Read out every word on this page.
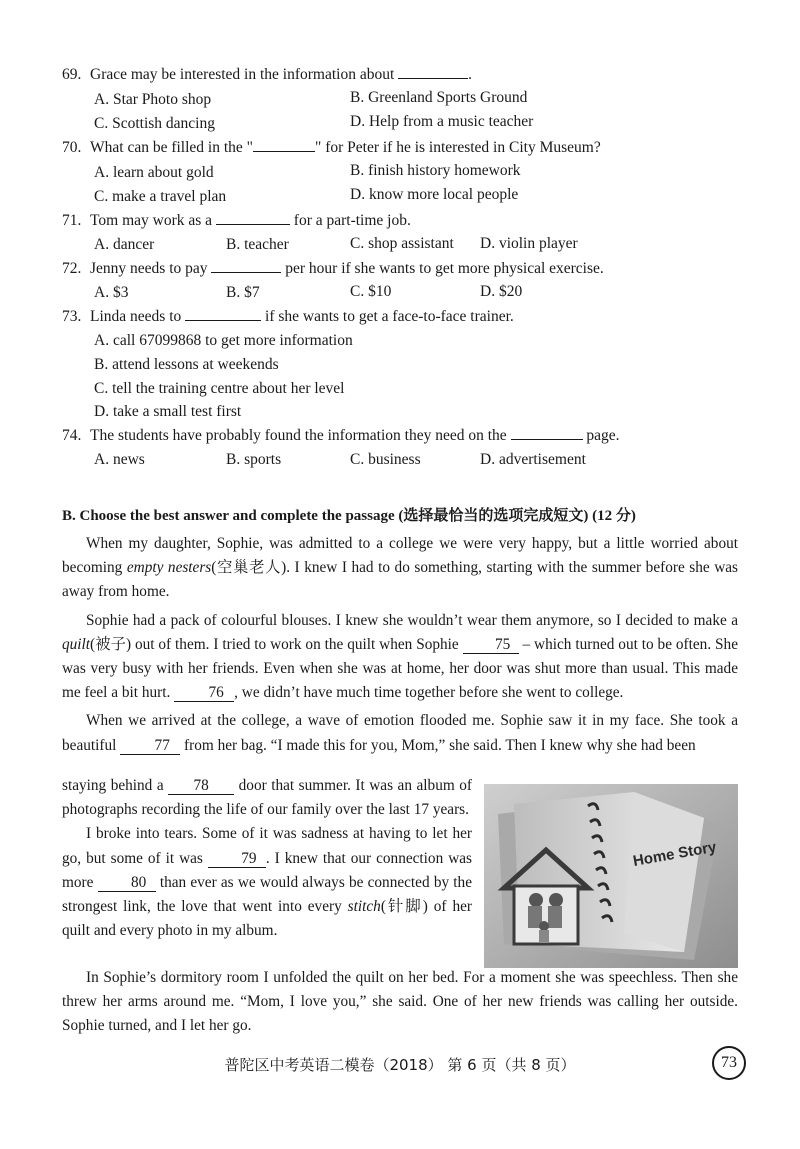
69. Grace may be interested in the information about	.
A. Star Photo shop	B. Greenland Sports Ground
C. Scottish dancing	D. Help from a music teacher
70. What can be filled in the "	" for Peter if he is interested in City Museum?
A. learn about gold	B. finish history homework
C. make a travel plan	D. know more local people
71. Tom may work as a	for a part-time job.
A. dancer	B. teacher	C. shop assistant D. violin player
72. Jenny needs to pay	per hour if she wants to get more physical exercise.
A. $3	B. $7	C. $10	D. $20
73. Linda needs to	if she wants to get a face-to-face trainer.
A. call 67099868 to get more information
B. attend lessons at weekends
C. tell the training centre about her level
D. take a small test first
74. The students have probably found the information they need on the	page.
A. news	B. sports	C. business	D. advertisement
B. Choose the best answer and complete the passage (选择最恰当的选项完成短文) (12 分)

When my daughter, Sophie, was admitted to a college we were very happy, but a little worried about becoming empty nesters(空巢老人). I knew I had to do something, starting with the summer before she was away from home.

Sophie had a pack of colourful blouses. I knew she wouldn’t wear them anymore, so I decided to make a quilt(被子) out of them. I tried to work on the quilt when Sophie 75 – which turned out to be often. She was very busy with her friends. Even when she was at home, her door was shut more than usual. This made me feel a bit hurt. 76 , we didn’t have much time together before she went to college.

When we arrived at the college, a wave of emotion flooded me. Sophie saw it in my face. She took a beautiful 77 from her bag. “I made this for you, Mom,” she said. Then I knew why she had been

staying behind a 78 door that summer. It was an album of photographs recording the life of our family over the last 17 years.

I broke into tears. Some of it was sadness at having to let her go, but some of it was 79 . I knew that our connection was more 80 than ever as we would always be connected by the strongest link, the love that went into every stitch(针脚) of her quilt and every photo in my album.

Home Story

In Sophie’s dormitory room I unfolded the quilt on her bed. For a moment she was speechless. Then she threw her arms around me. “Mom, I love you,” she said. One of her new friends was calling her outside. Sophie turned, and I let her go.

普陀区中考英语二模卷（2018） 第 6 页（共 8 页）	73
